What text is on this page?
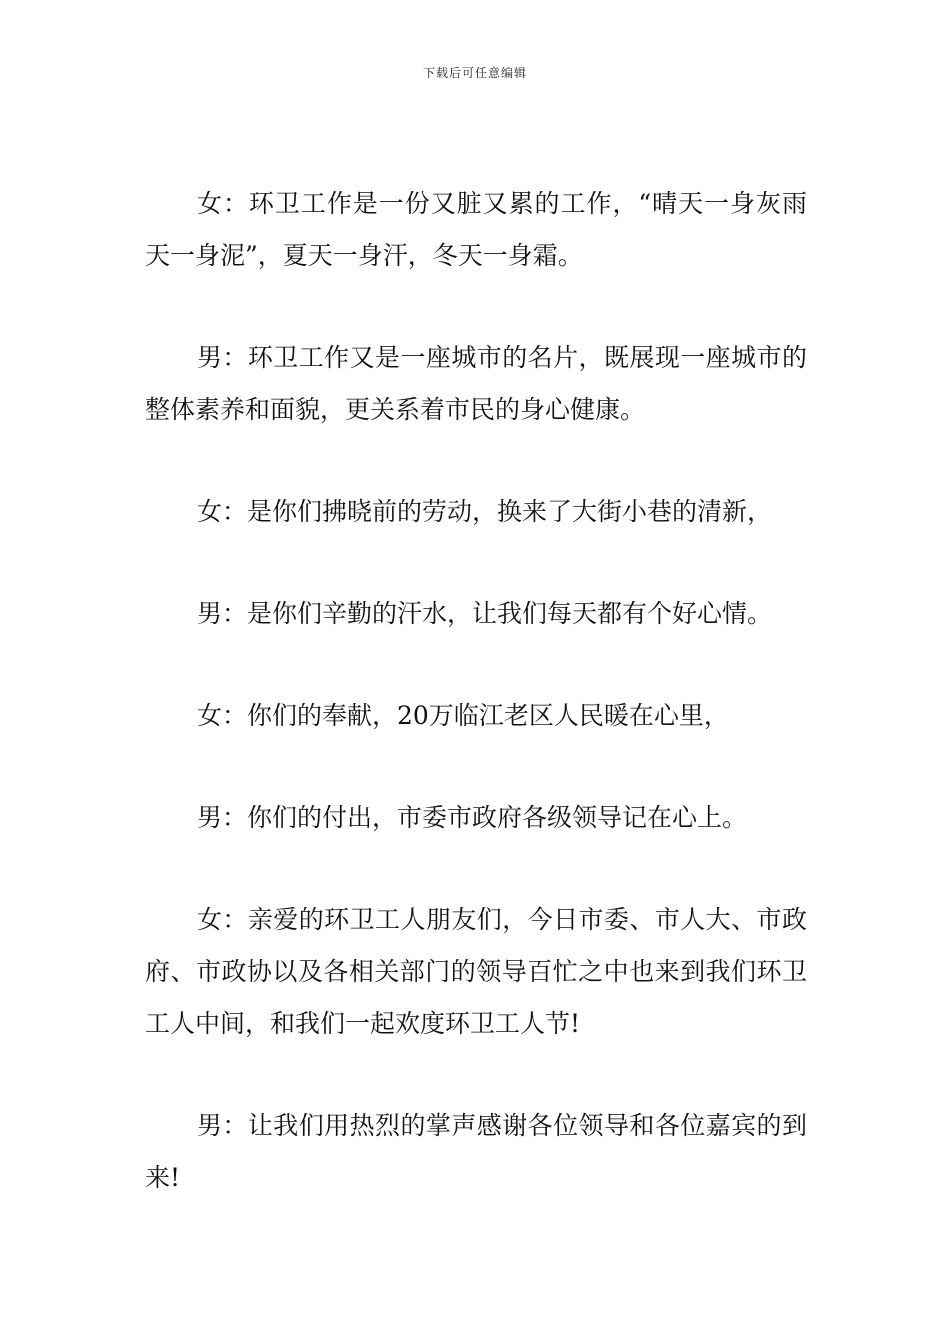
下载后可任意编辑

女：环卫工作是一份又脏又累的工作，“晴天一身灰雨天一身泥”，夏天一身汗，冬天一身霜。

男：环卫工作又是一座城市的名片，既展现一座城市的整体素养和面貌，更关系着市民的身心健康。

女：是你们拂晓前的劳动，换来了大街小巷的清新，

男：是你们辛勤的汗水，让我们每天都有个好心情。

女：你们的奉献，20万临江老区人民暖在心里，

男：你们的付出，市委市政府各级领导记在心上。

女：亲爱的环卫工人朋友们，今日市委、市人大、市政府、市政协以及各相关部门的领导百忙之中也来到我们环卫工人中间，和我们一起欢度环卫工人节!

男：让我们用热烈的掌声感谢各位领导和各位嘉宾的到来!
